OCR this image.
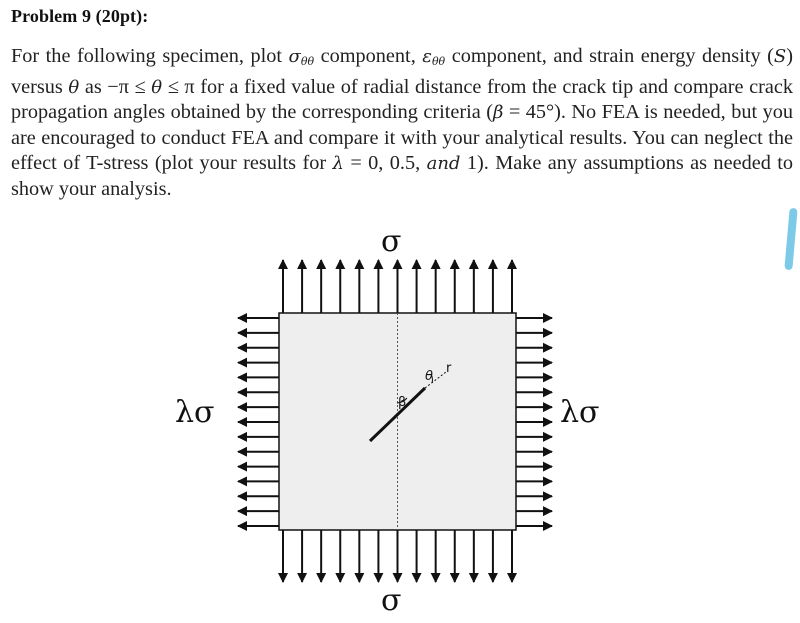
Problem 9 (20pt):
For the following specimen, plot $\sigma_{\theta\theta}$ component, $\varepsilon_{\theta\theta}$ component, and strain energy density (S) versus θ as −π ≤ θ ≤ π for a fixed value of radial distance from the crack tip and compare crack propagation angles obtained by the corresponding criteria (β = 45°). No FEA is needed, but you are encouraged to conduct FEA and compare it with your analytical results. You can neglect the effect of T-stress (plot your results for λ = 0, 0.5, and 1). Make any assumptions as needed to show your analysis.
β
θ
r
σ
σ
λσ	λσ
